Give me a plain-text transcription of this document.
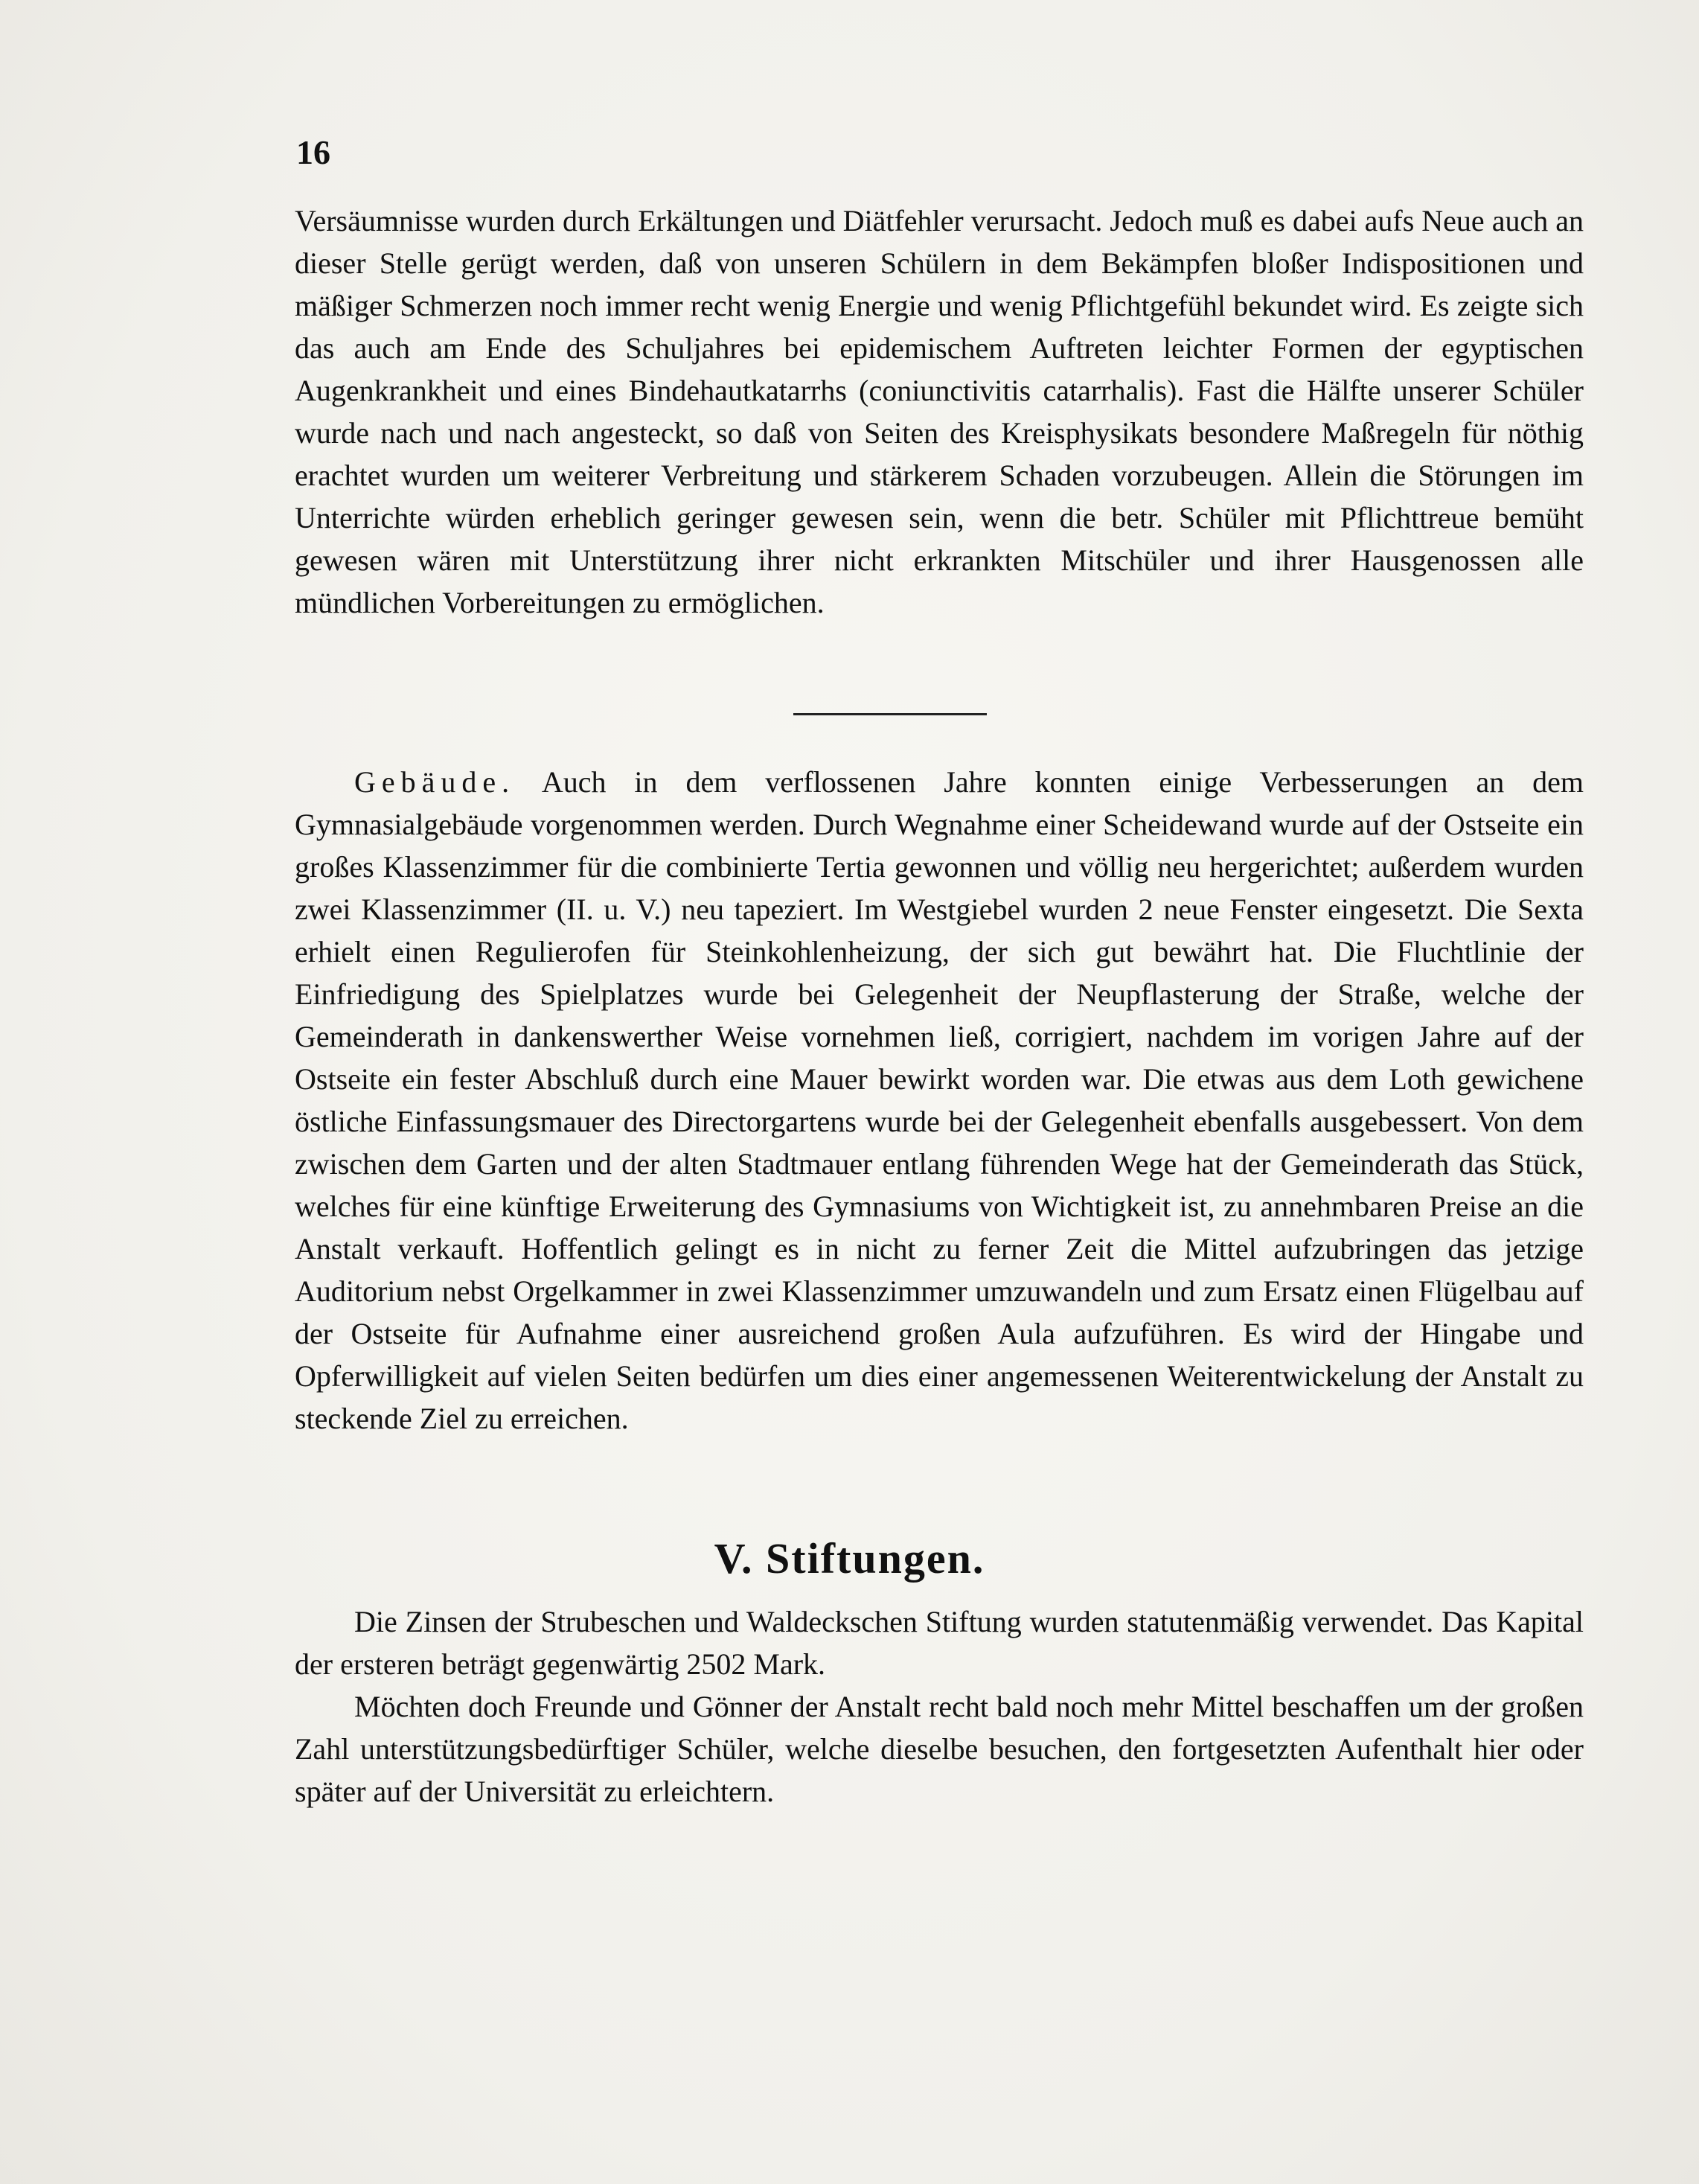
16

Versäumnisse wurden durch Erkältungen und Diätfehler verursacht. Jedoch muß es dabei aufs Neue auch an dieser Stelle gerügt werden, daß von unseren Schülern in dem Bekämpfen bloßer Indispositionen und mäßiger Schmerzen noch immer recht wenig Energie und wenig Pflichtgefühl bekundet wird. Es zeigte sich das auch am Ende des Schuljahres bei epidemischem Auftreten leichter Formen der egyptischen Augenkrankheit und eines Bindehautkatarrhs (coniunctivitis catarrhalis). Fast die Hälfte unserer Schüler wurde nach und nach angesteckt, so daß von Seiten des Kreisphysikats besondere Maßregeln für nöthig erachtet wurden um weiterer Verbreitung und stärkerem Schaden vorzubeugen. Allein die Störungen im Unterrichte würden erheblich geringer gewesen sein, wenn die betr. Schüler mit Pflichttreue bemüht gewesen wären mit Unterstützung ihrer nicht erkrankten Mitschüler und ihrer Hausgenossen alle mündlichen Vorbereitungen zu ermöglichen.

Gebäude. Auch in dem verflossenen Jahre konnten einige Verbesserungen an dem Gymnasialgebäude vorgenommen werden. Durch Wegnahme einer Scheidewand wurde auf der Ostseite ein großes Klassenzimmer für die combinierte Tertia gewonnen und völlig neu hergerichtet; außerdem wurden zwei Klassenzimmer (II. u. V.) neu tapeziert. Im Westgiebel wurden 2 neue Fenster eingesetzt. Die Sexta erhielt einen Regulierofen für Steinkohlenheizung, der sich gut bewährt hat. Die Fluchtlinie der Einfriedigung des Spielplatzes wurde bei Gelegenheit der Neupflasterung der Straße, welche der Gemeinderath in dankenswerther Weise vornehmen ließ, corrigiert, nachdem im vorigen Jahre auf der Ostseite ein fester Abschluß durch eine Mauer bewirkt worden war. Die etwas aus dem Loth gewichene östliche Einfassungsmauer des Directorgartens wurde bei der Gelegenheit ebenfalls ausgebessert. Von dem zwischen dem Garten und der alten Stadtmauer entlang führenden Wege hat der Gemeinderath das Stück, welches für eine künftige Erweiterung des Gymnasiums von Wichtigkeit ist, zu annehmbaren Preise an die Anstalt verkauft. Hoffentlich gelingt es in nicht zu ferner Zeit die Mittel aufzubringen das jetzige Auditorium nebst Orgelkammer in zwei Klassenzimmer umzuwandeln und zum Ersatz einen Flügelbau auf der Ostseite für Aufnahme einer ausreichend großen Aula aufzuführen. Es wird der Hingabe und Opferwilligkeit auf vielen Seiten bedürfen um dies einer angemessenen Weiterentwickelung der Anstalt zu steckende Ziel zu erreichen.

V. Stiftungen.

Die Zinsen der Strubeschen und Waldeckschen Stiftung wurden statutenmäßig verwendet. Das Kapital der ersteren beträgt gegenwärtig 2502 Mark.

Möchten doch Freunde und Gönner der Anstalt recht bald noch mehr Mittel beschaffen um der großen Zahl unterstützungsbedürftiger Schüler, welche dieselbe besuchen, den fortgesetzten Aufenthalt hier oder später auf der Universität zu erleichtern.
